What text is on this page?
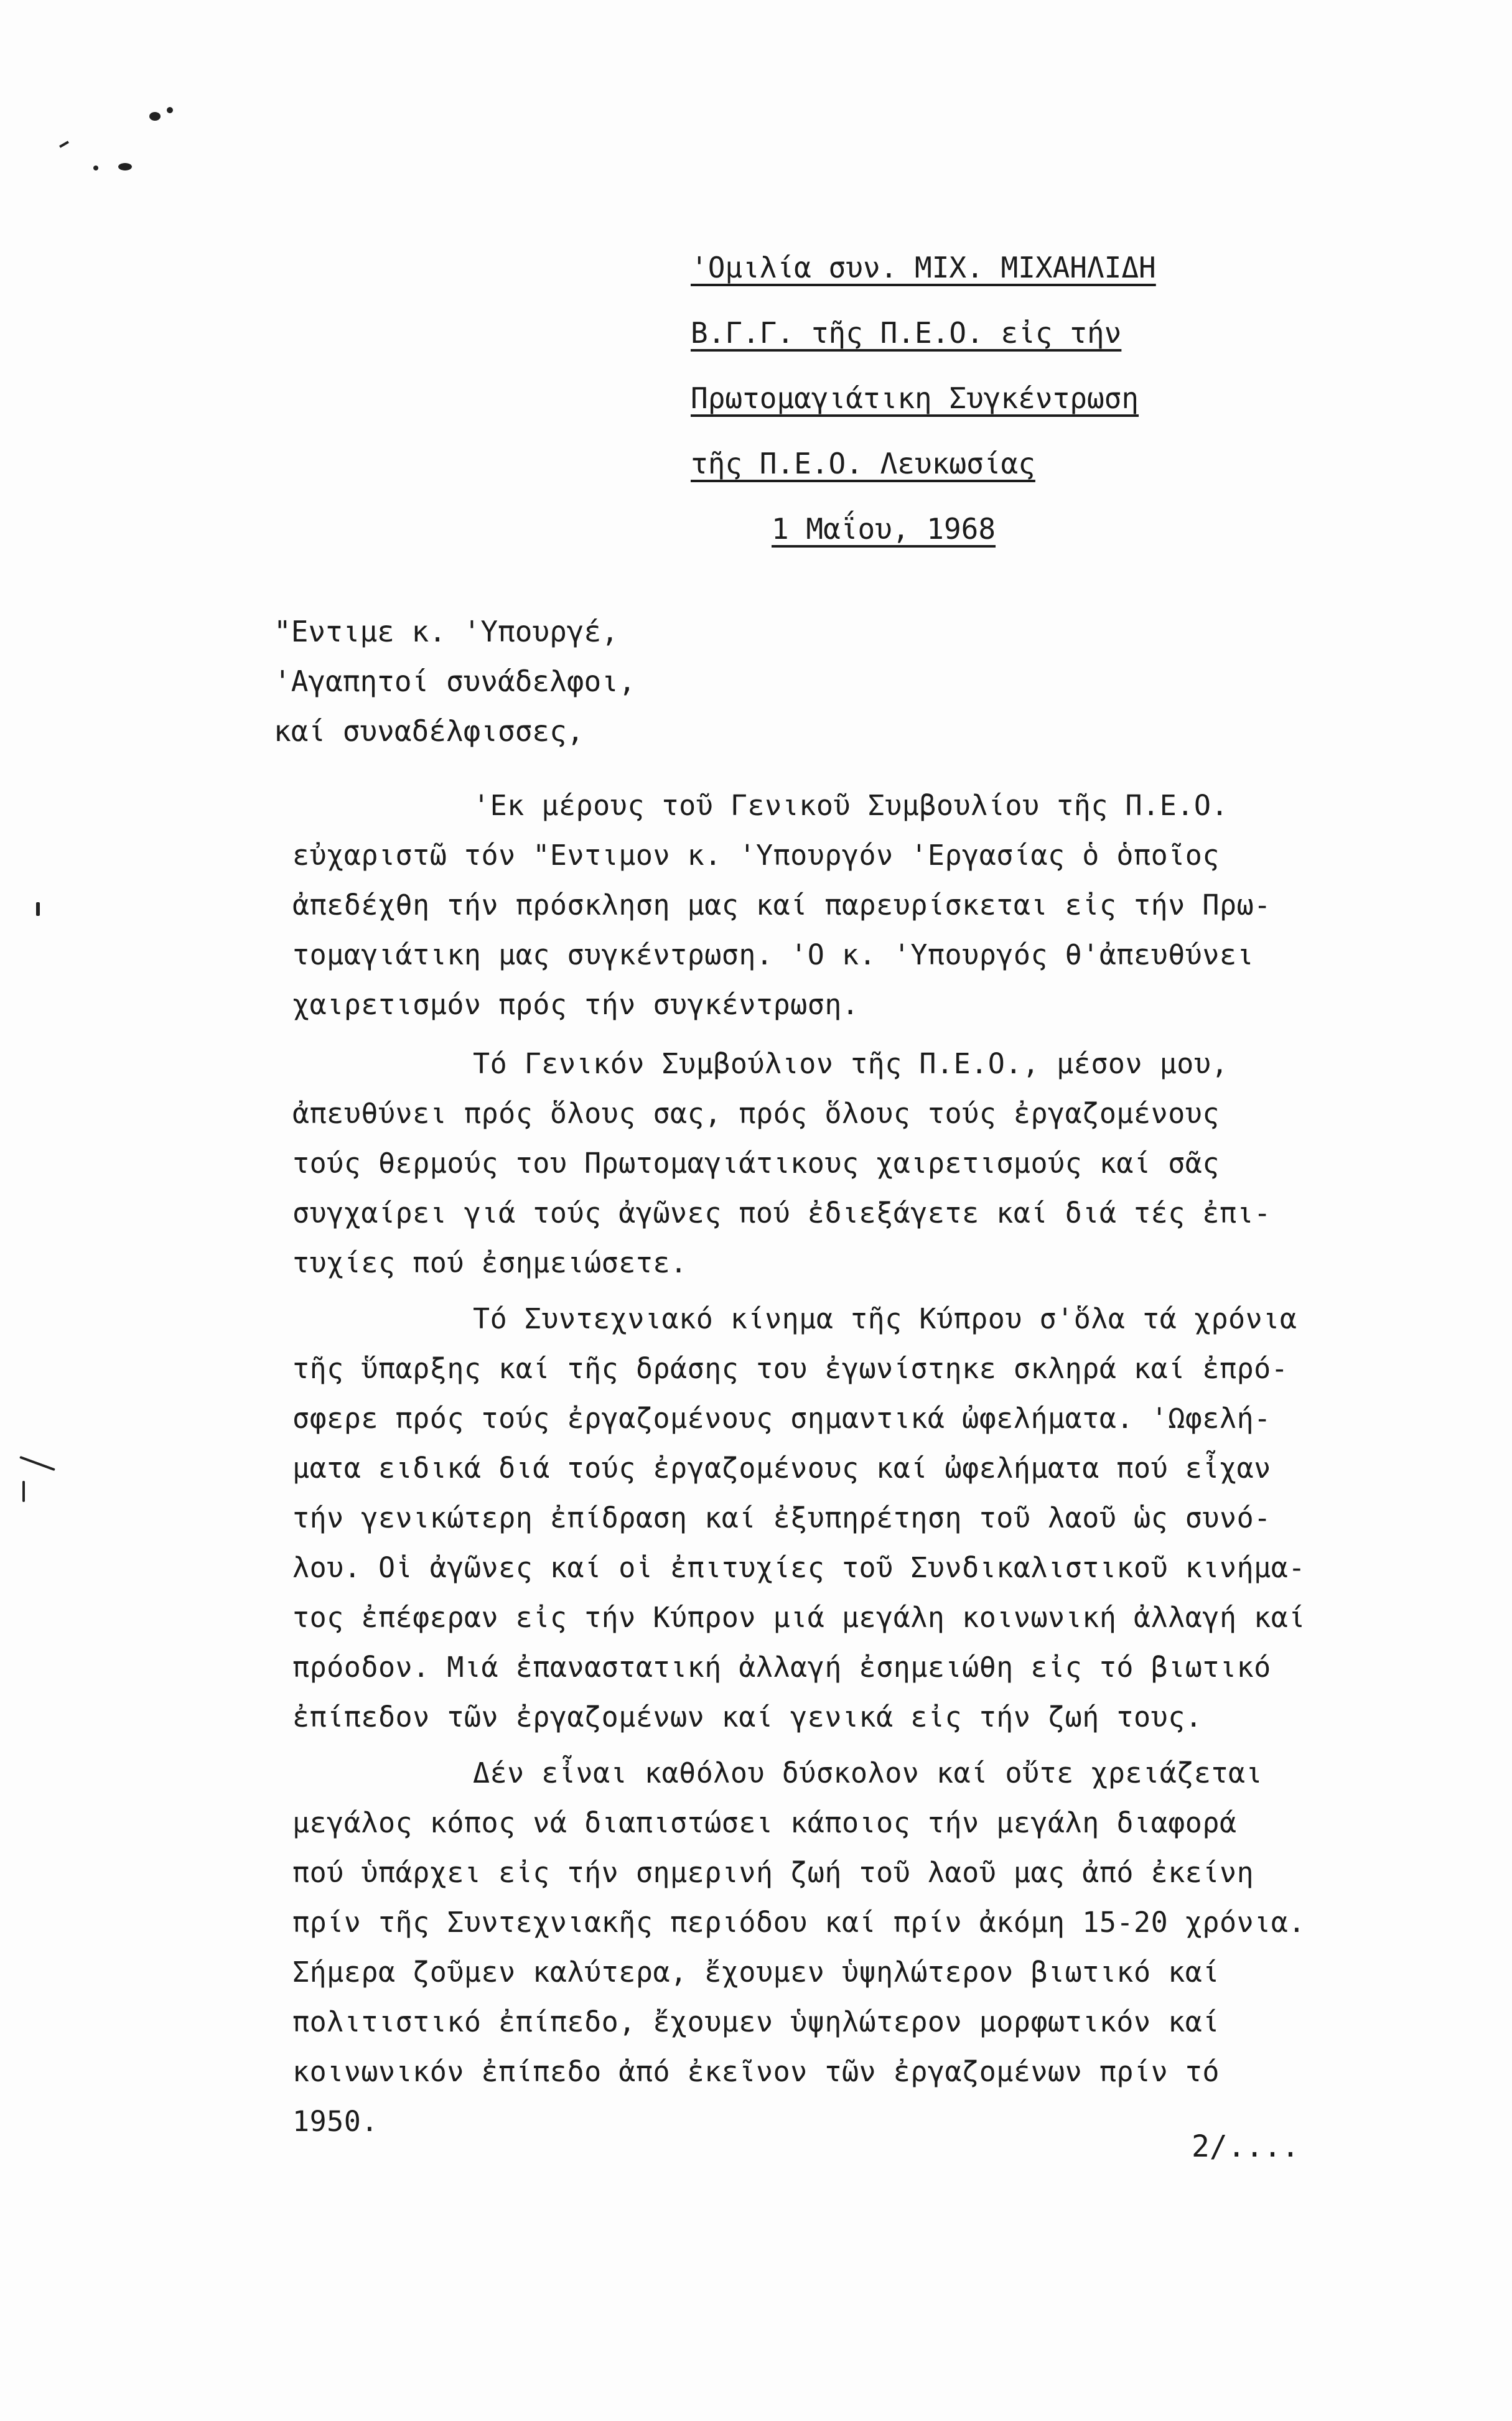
'Ομιλία συν. ΜΙΧ. ΜΙΧΑΗΛΙΔΗ
Β.Γ.Γ. τῆς Π.Ε.Ο. εἰς τήν
Πρωτομαγιάτικη Συγκέντρωση
τῆς Π.Ε.Ο. Λευκωσίας
1 Μαΐου, 1968
"Εντιμε κ. 'Υπουργέ,
'Αγαπητοί συνάδελφοι,
καί συναδέλφισσες,
'Εκ μέρους τοῦ Γενικοῦ Συμβουλίου τῆς Π.Ε.Ο.
εὐχαριστῶ τόν "Εντιμον κ. 'Υπουργόν 'Εργασίας ὁ ὁποῖος
ἀπεδέχθη τήν πρόσκληση μας καί παρευρίσκεται εἰς τήν Πρω-
τομαγιάτικη μας συγκέντρωση. 'Ο κ. 'Υπουργός θ'ἀπευθύνει
χαιρετισμόν πρός τήν συγκέντρωση.
Τό Γενικόν Συμβούλιον τῆς Π.Ε.Ο., μέσον μου,
ἀπευθύνει πρός ὅλους σας, πρός ὅλους τούς ἐργαζομένους
τούς θερμούς του Πρωτομαγιάτικους χαιρετισμούς καί σᾶς
συγχαίρει γιά τούς ἀγῶνες πού ἐδιεξάγετε καί διά τές ἐπι-
τυχίες πού ἐσημειώσετε.
Τό Συντεχνιακό κίνημα τῆς Κύπρου σ'ὅλα τά χρόνια
τῆς ὕπαρξης καί τῆς δράσης του ἐγωνίστηκε σκληρά καί ἐπρό-
σφερε πρός τούς ἐργαζομένους σημαντικά ὠφελήματα. 'Ωφελή-
ματα ειδικά διά τούς ἐργαζομένους καί ὠφελήματα πού εἶχαν
τήν γενικώτερη ἐπίδραση καί ἐξυπηρέτηση τοῦ λαοῦ ὡς συνό-
λου. Οἱ ἀγῶνες καί οἱ ἐπιτυχίες τοῦ Συνδικαλιστικοῦ κινήμα-
τος ἐπέφεραν εἰς τήν Κύπρον μιά μεγάλη κοινωνική ἀλλαγή καί
πρόοδον. Μιά ἐπαναστατική ἀλλαγή ἐσημειώθη εἰς τό βιωτικό
ἐπίπεδον τῶν ἐργαζομένων καί γενικά εἰς τήν ζωή τους.
Δέν εἶναι καθόλου δύσκολον καί οὔτε χρειάζεται
μεγάλος κόπος νά διαπιστώσει κάποιος τήν μεγάλη διαφορά
πού ὑπάρχει εἰς τήν σημερινή ζωή τοῦ λαοῦ μας ἀπό ἐκείνη
πρίν τῆς Συντεχνιακῆς περιόδου καί πρίν ἀκόμη 15-20 χρόνια.
Σήμερα ζοῦμεν καλύτερα, ἔχουμεν ὑψηλώτερον βιωτικό καί
πολιτιστικό ἐπίπεδο, ἔχουμεν ὑψηλώτερον μορφωτικόν καί
κοινωνικόν ἐπίπεδο ἀπό ἐκεῖνον τῶν ἐργαζομένων πρίν τό
1950.
2/....
